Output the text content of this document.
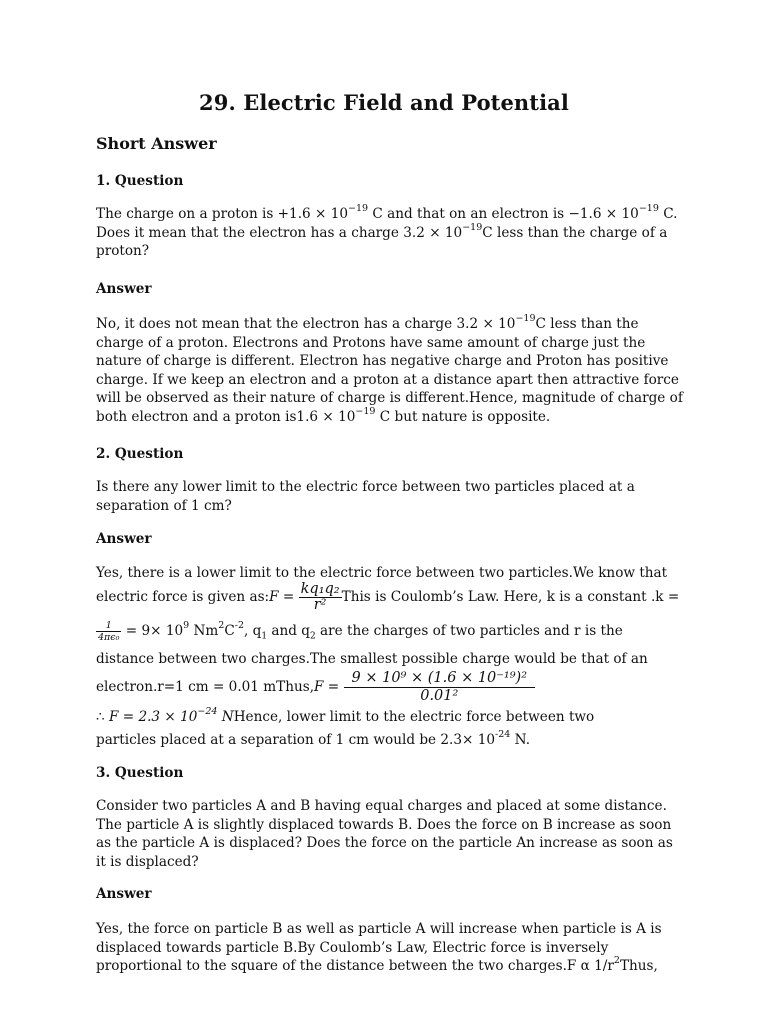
29. Electric Field and Potential
Short Answer
1. Question
The charge on a proton is $+1.6 \times 10^{-19}$ C and that on an electron is $-1.6 \times 10^{-19}$ C.
Does it mean that the electron has a charge $3.2 \times 10^{-19}C$ less than the charge of a
proton?
Answer
No, it does not mean that the electron has a charge $3.2 \times 10^{-19}C$ less than the
charge of a proton. Electrons and Protons have same amount of charge just the
nature of charge is different. Electron has negative charge and Proton has positive
charge. If we keep an electron and a proton at a distance apart then attractive force
will be observed as their nature of charge is different.Hence, magnitude of charge of
both electron and a proton $is1.6 \times 10^{-19}$ C but nature is opposite.
2. Question
Is there any lower limit to the electric force between two particles placed at a
separation of 1 cm?
Answer
Yes, there is a lower limit to the electric force between two particles.We know that
electric force is given as:F = $\frac{\text{kq₁q₂}}{\text{r²}}$ This is Coulomb’s Law. Here, k is a constant .k =
$\frac{1}{\text{4πϵ₀}} = 9\times 10^9$ $Nm^2C^{-2}$, $q_1$ and $q_2$ are the charges of two particles and r is the
distance between two charges.The smallest possible charge would be that of an
electron.r=1 cm = 0.01 mThus,F = $\frac{\text{9 × 10⁹ × (1.6 × 10⁻¹⁹)²}}{\text{0.01²}}$
∴ $F = 2.3 \times 10^{-24}$ NHence, lower limit to the electric force between two
particles placed at a separation of 1 cm would be $2.3\times 10^{-24}$ N.
3. Question
Consider two particles A and B having equal charges and placed at some distance.
The particle A is slightly displaced towards B. Does the force on B increase as soon
as the particle A is displaced? Does the force on the particle An increase as soon as
it is displaced?
Answer
Yes, the force on particle B as well as particle A will increase when particle is A is
displaced towards particle B.By Coulomb’s Law, Electric force is inversely
proportional to the square of the distance between the two charges.F α $1/r^2Thus$,
